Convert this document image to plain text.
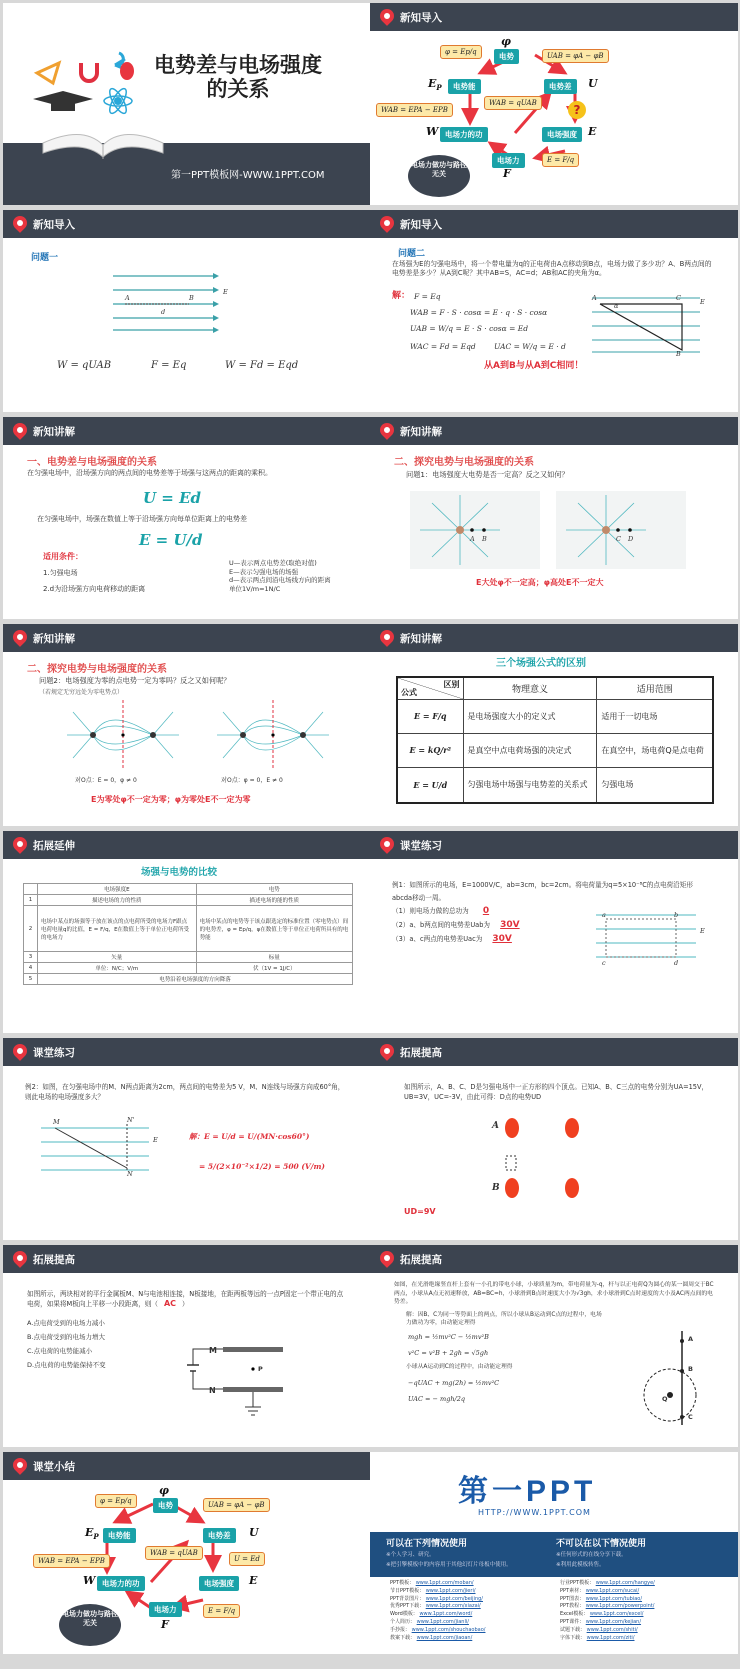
电势差与电场强度
的关系
第一PPT模板网-WWW.1PPT.COM
新知导入
φ
电势
φ = Ep/q	UAB = φA − φB
$E_P$	电势能	电势差	U
WAB = qUAB
WAB = EPA − EPB	?
W 电场力的功	电场强度	E
电场力
F
E = F/q
电场力做功与路径无关
新知导入
问题一
E
A	B
d
W = qUAB	F = Eq	W = Fd = Eqd
新知导入
问题二
在场强为E的匀强电场中，将一个带电量为q的正电荷由A点移动到B点，电场力做了多少功？A、B两点间的电势差是多少？从A到C呢？其中AB=S，AC=d；AB和AC的夹角为α。
解： F = Eq
WAB = F · S · cosα = E · q · S · cosα
UAB = W/q = E · S · cosα = Ed
WAC = Fd = Eqd UAC = W/q = E · d
A	C
B
E
α
从A到B与从A到C相同！
新知讲解
一、电势差与电场强度的关系
在匀强电场中，沿场强方向的两点间的电势差等于场强与这两点的距离的乘积。
U = Ed
在匀强电场中，场强在数值上等于沿场强方向每单位距离上的电势差
E = U/d
适用条件：
1.匀强电场
2.d为沿场强方向电荷移动的距离
U—表示两点电势差(取绝对值)
E—表示匀强电场的场强
d—表示两点间沿电场线方向的距离
单位1V/m=1N/C
新知讲解
二、探究电势与电场强度的关系
问题1：电场强度大电势是否一定高？反之又如何？
A B	C D
E大处φ不一定高；φ高处E不一定大
新知讲解
二、探究电势与电场强度的关系
问题2：电场强度为零的点电势一定为零吗？反之又如何呢？
（若规定无穷远处为零电势点）
对O点：E = 0，φ ≠ 0	对O点：φ = 0，E ≠ 0
E为零处φ不一定为零；φ为零处E不一定为零
新知讲解
三个场强公式的区别
区别
公式	物理意义	适用范围
E = F/q	是电场强度大小的定义式	适用于一切电场
E = kQ/r²	是真空中点电荷场强的决定式	在真空中，场电荷Q是点电荷
E = U/d	匀强电场中场强与电势差的关系式	匀强电场
拓展延伸
场强与电势的比较
	电场强度E	电势
1	描述电场的力的性质	描述电场的能的性质
2	电场中某点的场强等于放在该点的点电荷所受的电场力F跟点电荷电量q的比值，E = F/q，E在数值上等于单位正电荷所受的电场力	电场中某点的电势等于该点跟选定的标准位置（零电势点）间的电势差，φ = Ep/q，φ在数值上等于单位正电荷所具有的电势能
3	矢量	标量
4	单位：N/C；V/m	伏（1V = 1J/C）
5	电势沿着电场强度的方向降落	
课堂练习
例1：如图所示的电场，E=1000V/C，ab=3cm，bc=2cm。将电荷量为q=5×10⁻⁸C的点电荷沿矩形abcda移动一周。
（1）则电场力做的总功为 0
（2）a、b两点间的电势差Uab为 30V
（3）a、c两点的电势差Uac为 30V
a	b
c	d
E
课堂练习
例2：如图，在匀强电场中的M、N两点距离为2cm，两点间的电势差为5 V，M、N连线与场强方向成60°角，则此电场的电场强度多大？
M	N'
N
E	解：E = U/d = U/(MN·cos60°)
= 5/(2×10⁻²×1/2) = 500 (V/m)
拓展提高
如图所示，A、B、C、D是匀强电场中一正方形的四个顶点。已知A、B、C三点的电势分别为UA=15V，UB=3V，UC=-3V，由此可得：D点的电势UD
A
B
UD=9V
拓展提高
如图所示，两块相对的平行金属板M、N与电池相连接，N板接地，在距两板等远的一点P固定一个带正电的点电荷，如果将M板向上平移一小段距离，则（ AC ）
A.点电荷受到的电场力减小
B.点电荷受到的电场力增大
C.点电荷的电势能减小
D.点电荷的电势能保持不变
M
N
P
拓展提高
如图，在光滑绝缘竖直杆上套有一小孔的带电小球，小球质量为m，带电荷量为-q，杆与以正电荷Q为圆心的某一圆周交于BC两点，小球从A点无初速释放，AB=BC=h，小球滑到B点时速度大小为√3gh，求小球滑到C点时速度的大小及AC两点间的电势差。
解：因B、C为同一等势面上的两点，所以小球从B运动到C点的过程中，电场力做功为零，由动能定理得
mgh = ½mv²C − ½mv²B
v²C = v²B + 2gh = √5gh
小球从A运动到C的过程中，由动能定理得
−qUAC + mg(2h) = ½mv²C
UAC = − mgh/2q
A
B
C
Q
课堂小结
φ
电势
φ = Ep/q	UAB = φA − φB
$E_P$	电势能	电势差	U
WAB = qUAB
U = Ed
WAB = EPA − EPB
W 电场力的功	电场强度	E
电场力
F
E = F/q
电场力做功与路径无关
第一PPT
HTTP://WWW.1PPT.COM
可以在下列情况使用
※个人学习、研究。
※把引擎模板中的内容用于其他幻灯片母板中使用。
不可以在以下情况使用
※任何形式的在线分享下载。
※利用此模板转售。
PPT模板： www.1ppt.com/moban/
节日PPT模板： www.1ppt.com/jieri/
PPT背景图片： www.1ppt.com/beijing/
优秀PPT下载： www.1ppt.com/xiazai/
Word模板： www.1ppt.com/word/
个人简历： www.1ppt.com/jianli/
手抄报： www.1ppt.com/shouchaobao/
教案下载： www.1ppt.com/jiaoan/
行业PPT模板： www.1ppt.com/hangye/
PPT素材： www.1ppt.com/sucai/
PPT图表： www.1ppt.com/tubiao/
PPT教程： www.1ppt.com/powerpoint/
Excel模板： www.1ppt.com/excel/
PPT课件： www.1ppt.com/kejian/
试题下载： www.1ppt.com/shiti/
字体下载： www.1ppt.com/ziti/
